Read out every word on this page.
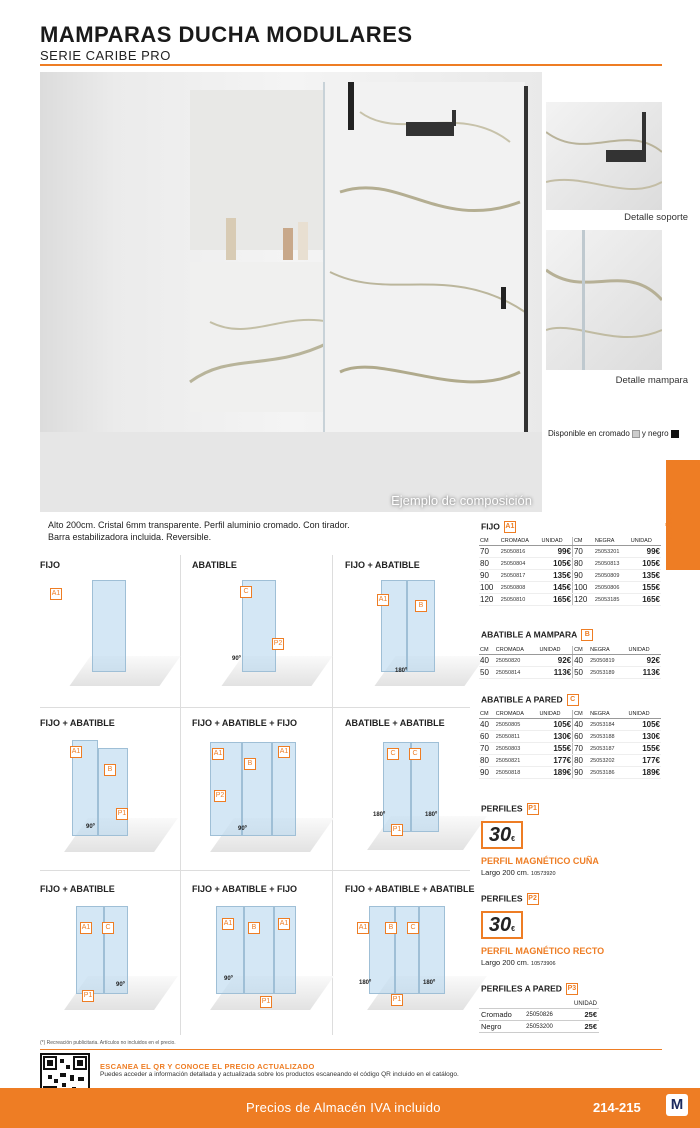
MAMPARAS DUCHA MODULARES
SERIE CARIBE PRO
Ejemplo de composición
Detalle soporte
Detalle mampara
Disponible en cromado y negro
BAÑOS
Alto 200cm. Cristal 6mm transparente. Perfil aluminio cromado. Con tirador.
Barra estabilizadora incluida. Reversible.
FIJO
A1
ABATIBLE
C
P2
90º
FIJO + ABATIBLE
A1
B
180º
FIJO + ABATIBLE
A1
B
P1
90º
FIJO + ABATIBLE + FIJO
A1
B
A1
P2
90º
ABATIBLE + ABATIBLE
C	C
P1
180º	180º
FIJO + ABATIBLE
A1	C
P1
90º
FIJO + ABATIBLE + FIJO
A1
B
A1
P1
90º
FIJO + ABATIBLE + ABATIBLE
A1	B	C
P1
180º	180º
FIJO A1
CM	CROMADA	UNIDAD	CM	NEGRA	UNIDAD
70	25050816	99€	70	25053201	99€
80	25050804	105€	80	25050813	105€
90	25050817	135€	90	25050809	135€
100	25050808	145€	100	25050806	155€
120	25050810	165€	120	25053185	165€
ABATIBLE A MAMPARA B
CM	CROMADA	UNIDAD	CM	NEGRA	UNIDAD
40	25050820	92€	40	25050819	92€
50	25050814	113€	50	25053189	113€
ABATIBLE A PARED C
CM	CROMADA	UNIDAD	CM	NEGRA	UNIDAD
40	25050805	105€	40	25053184	105€
60	25050811	130€	60	25053188	130€
70	25050803	155€	70	25053187	155€
80	25050821	177€	80	25053202	177€
90	25050818	189€	90	25053186	189€
PERFILES P1
30€
PERFIL MAGNÉTICO CUÑA
Largo 200 cm. 10573920
PERFILES P2
30€
PERFIL MAGNÉTICO RECTO
Largo 200 cm. 10573906
PERFILES A PARED P3
		UNIDAD
Cromado	25050826	25€
Negro	25053200	25€
(*) Recreación publicitaria. Artículos no incluidos en el precio.
ESCANEA EL QR Y CONOCE EL PRECIO ACTUALIZADO
Puedes acceder a información detallada y actualizada sobre los productos escaneando el código QR incluido en el catálogo.
Precios de Almacén IVA incluido	214-215	M
